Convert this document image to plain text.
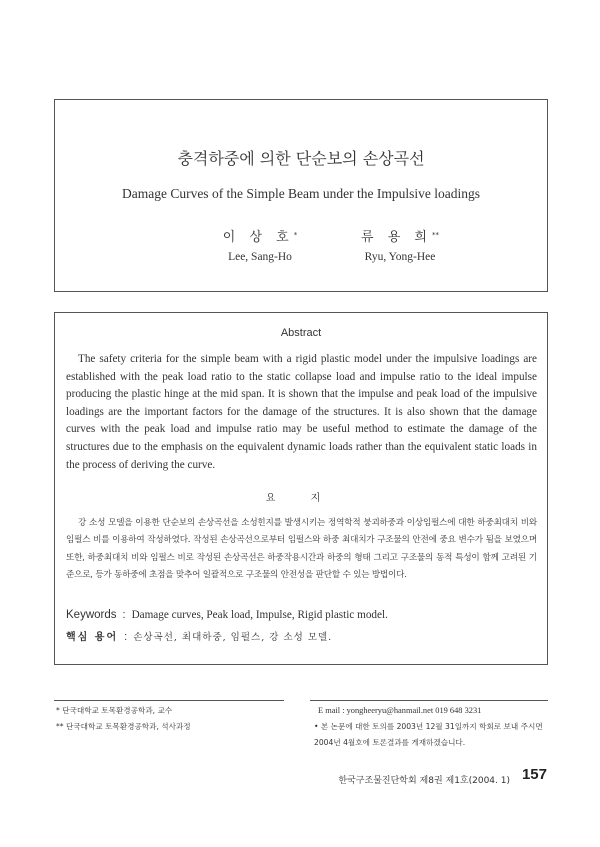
충격하중에 의한 단순보의 손상곡선
Damage Curves of the Simple Beam under the Impulsive loadings
이 상 호*
Lee, Sang-Ho
류 용 희**
Ryu, Yong-Hee
Abstract
The safety criteria for the simple beam with a rigid plastic model under the impulsive loadings are established with the peak load ratio to the static collapse load and impulse ratio to the ideal impulse producing the plastic hinge at the mid span. It is shown that the impulse and peak load of the impulsive loadings are the important factors for the damage of the structures. It is also shown that the damage curves with the peak load and impulse ratio may be useful method to estimate the damage of the structures due to the emphasis on the equivalent dynamic loads rather than the equivalent static loads in the process of deriving the curve.
요 지
강 소성 모델을 이용한 단순보의 손상곡선을 소성힌지를 발생시키는 정역학적 붕괴하중과 이상임펄스에 대한 하중최대치 비와 임펄스 비를 이용하여 작성하였다. 작성된 손상곡선으로부터 임펄스와 하중 최대치가 구조물의 안전에 중요 변수가 됨을 보였으며 또한, 하중최대치 비와 임펄스 비로 작성된 손상곡선은 하중작용시간과 하중의 형태 그리고 구조물의 동적 특성이 함께 고려된 기준으로, 등가 동하중에 초점을 맞추어 일괄적으로 구조물의 안전성을 판단할 수 있는 방법이다.
Keywords : Damage curves, Peak load, Impulse, Rigid plastic model.
핵심 용어 : 손상곡선, 최대하중, 임펄스, 강 소성 모델.
* 단국대학교 토목환경공학과, 교수
** 단국대학교 토목환경공학과, 석사과정
E mail : yongheeryu@hanmail.net 019 648 3231
• 본 논문에 대한 토의를 2003년 12월 31일까지 학회로 보내 주시면 2004년 4월호에 토론결과를 게재하겠습니다.
한국구조물진단학회 제8권 제1호(2004. 1) 157
